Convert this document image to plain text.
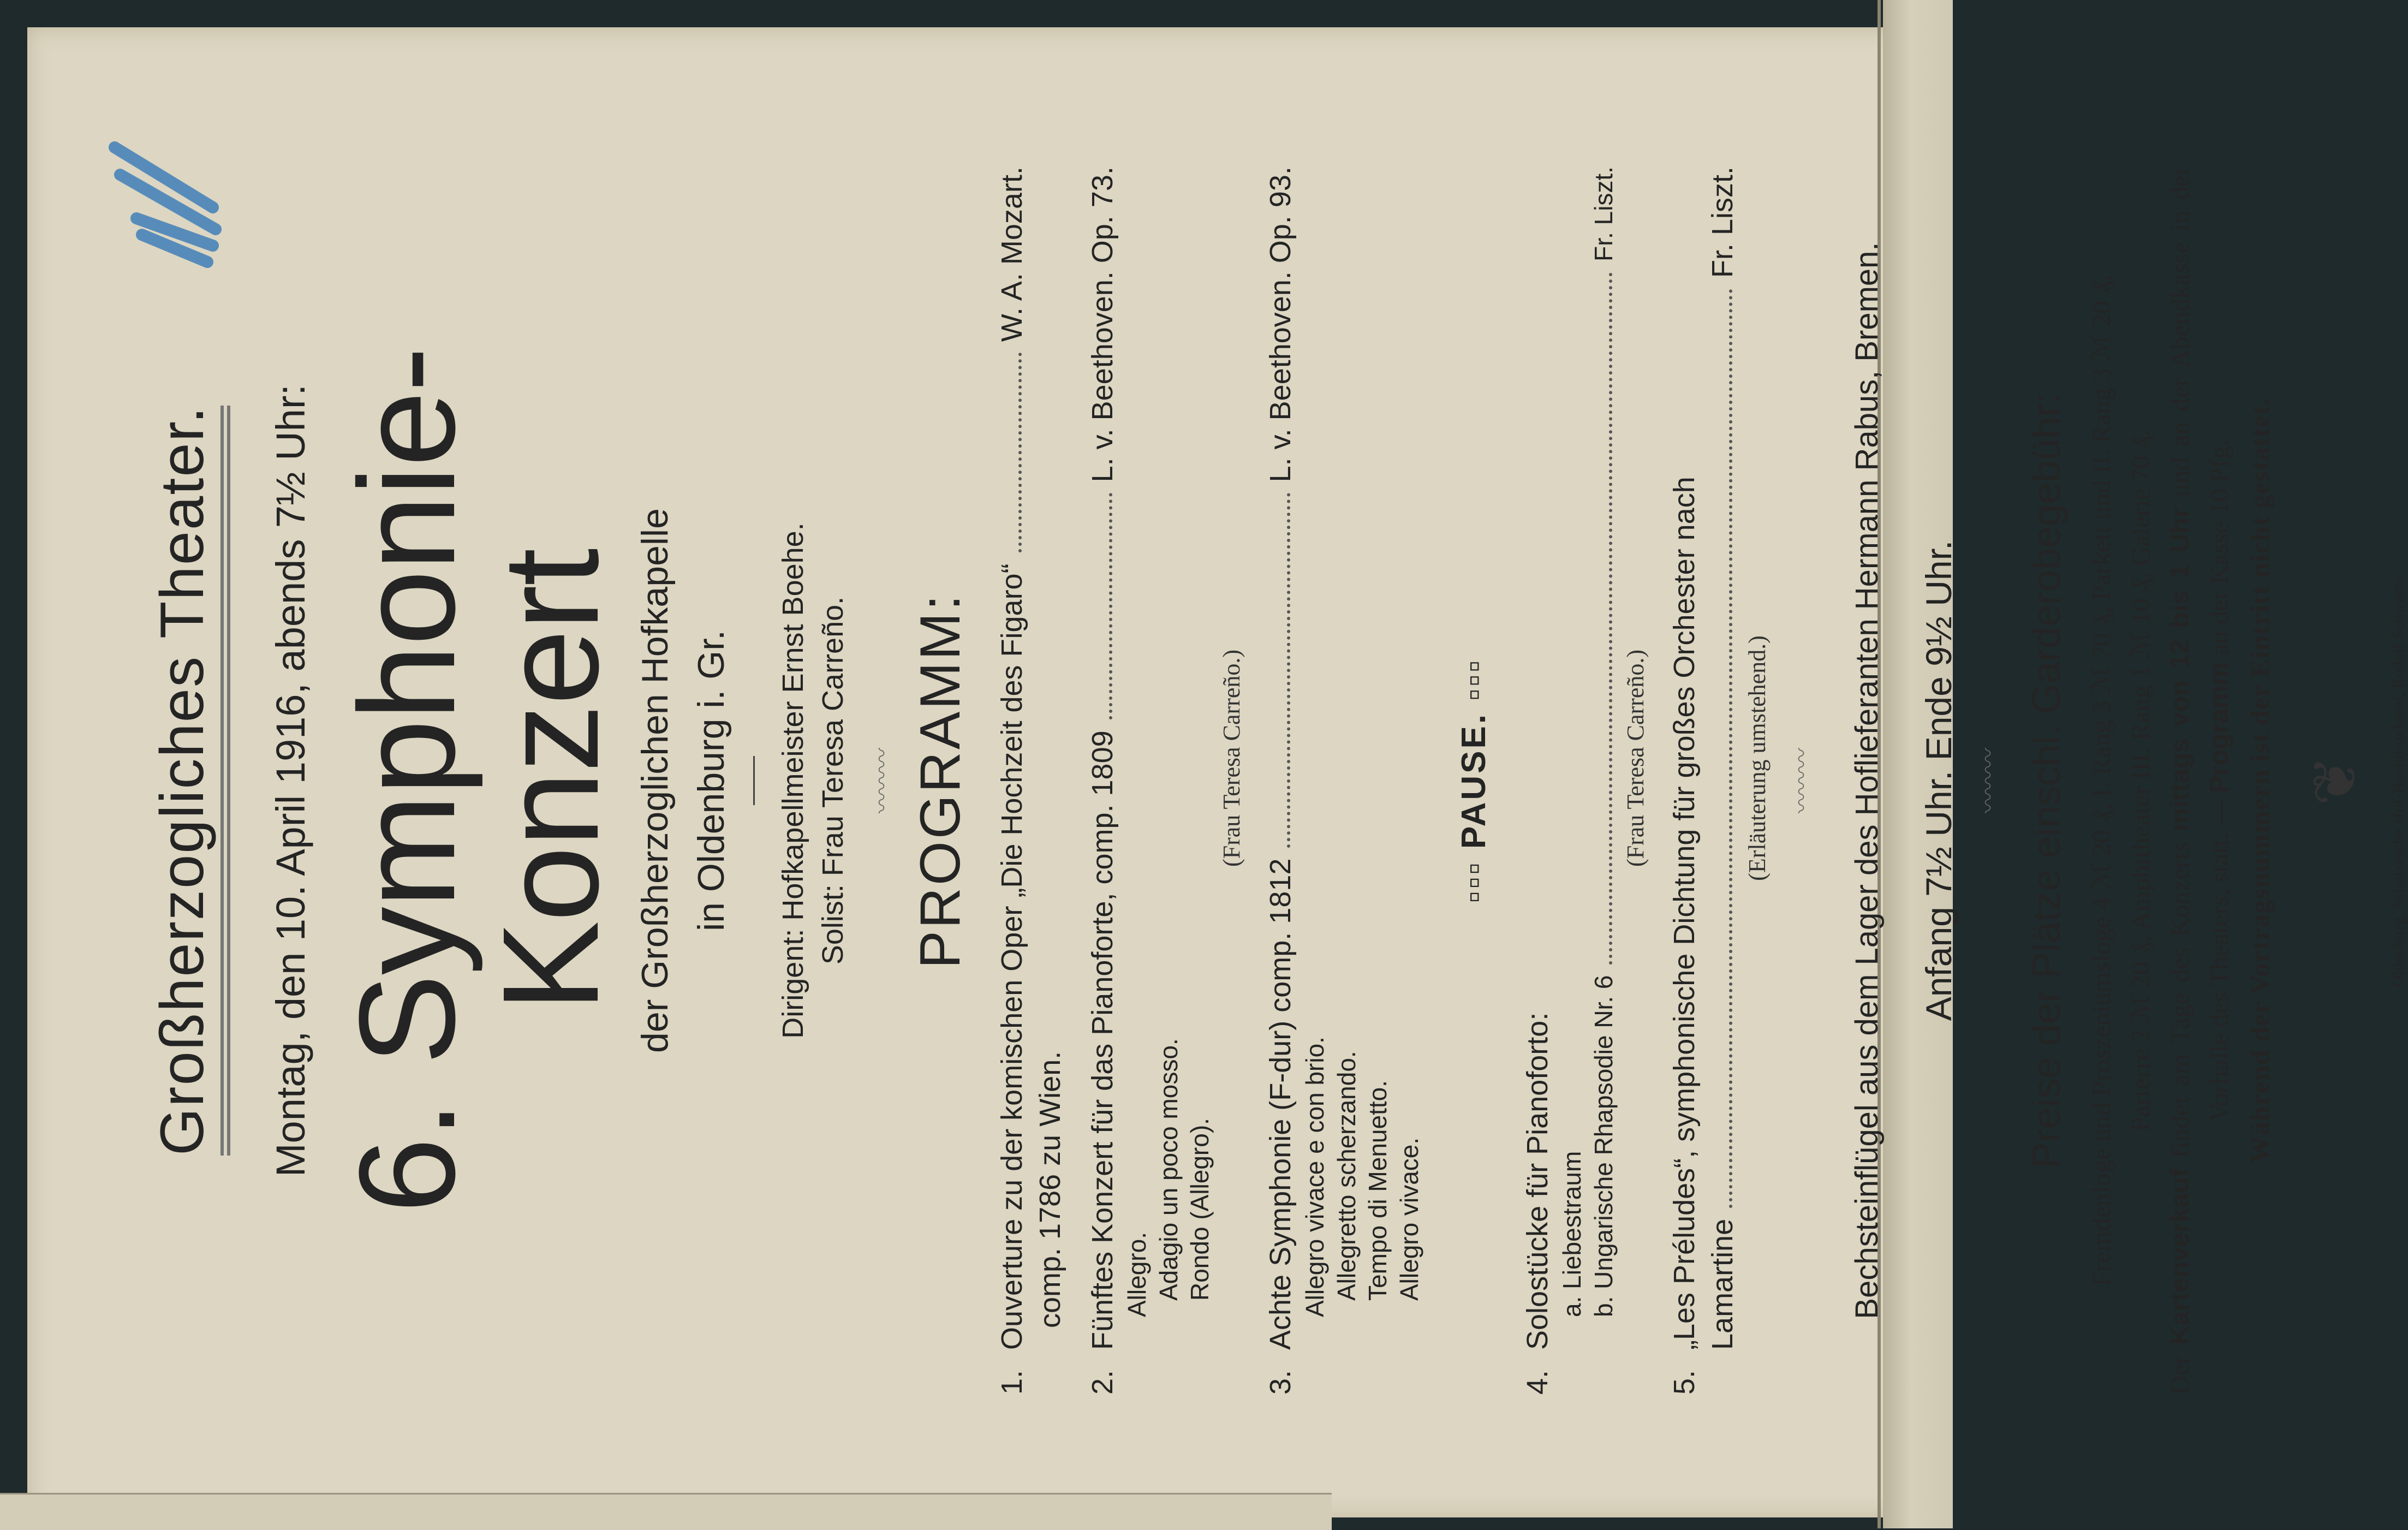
Großherzogliches Theater. Montag, den 10. April 1916, abends 7½ Uhr: 6. Symphonie-Konzert der Großherzoglichen Hofkapelle in Oldenburg i. Gr. Dirigent: Hofkapellmeister Ernst Boehe. Solist: Frau Teresa Carreño. 〰〰〰 PROGRAMM:
1.
Ouverture zu der komischen Oper „Die Hochzeit des Figaro“
W. A. Mozart.
comp. 1786 zu Wien.
2.
Fünftes Konzert für das Pianoforte, comp. 1809
L. v. Beethoven. Op. 73.
Allegro. Adagio un poco mosso. Rondo (Allegro).
(Frau Teresa Carreño.)
3.
Achte Symphonie (F-dur) comp. 1812
L. v. Beethoven. Op. 93.
Allegro vivace e con brio. Allegretto scherzando. Tempo di Menuetto. Allegro vivace.
▫▫▫ PAUSE. ▫▫▫
4.
Solostücke für Pianoforto: a. Liebestraum b. Ungarische Rhapsodie Nr. 6
Fr. Liszt.
(Frau Teresa Carreño.)
5.
„Les Préludes“, symphonische Dichtung für großes Orchester nach Lamartine
Fr. Liszt.
(Erläuterung umstehend.) 〰〰〰 Bechsteinflügel aus dem Lager des Hoflieferanten Hermann Rabus, Bremen. Anfang 7½ Uhr. Ende 9½ Uhr. 〰〰〰 Preise der Plätze einschl. Garderobegebühr: Fremdenloge und Proszeniumsloge 4 ℳ 20 ₰, I. Rang 3 ℳ 70 ₰, Parkett und II. Rang 3 ℳ 20 ₰, Parterre 2 ℳ 20 ₰, Amphitheater III. Rang 1 ℳ 10 ₰, Galerie 70 ₰.
Der Kartenverkauf findet am Tage des Konzerts mittags von 12 bis 1 Uhr und an der Abendkasse in der Vorhalle des Theaters, statt. — Programm an der Kasse 10 Pfg. Während der Vortragsnummern ist der Eintritt nicht gestattet. ❦ Oldenburg, Schulzesche Hof-Buchdruckerei, Rudolf Schwartz.
